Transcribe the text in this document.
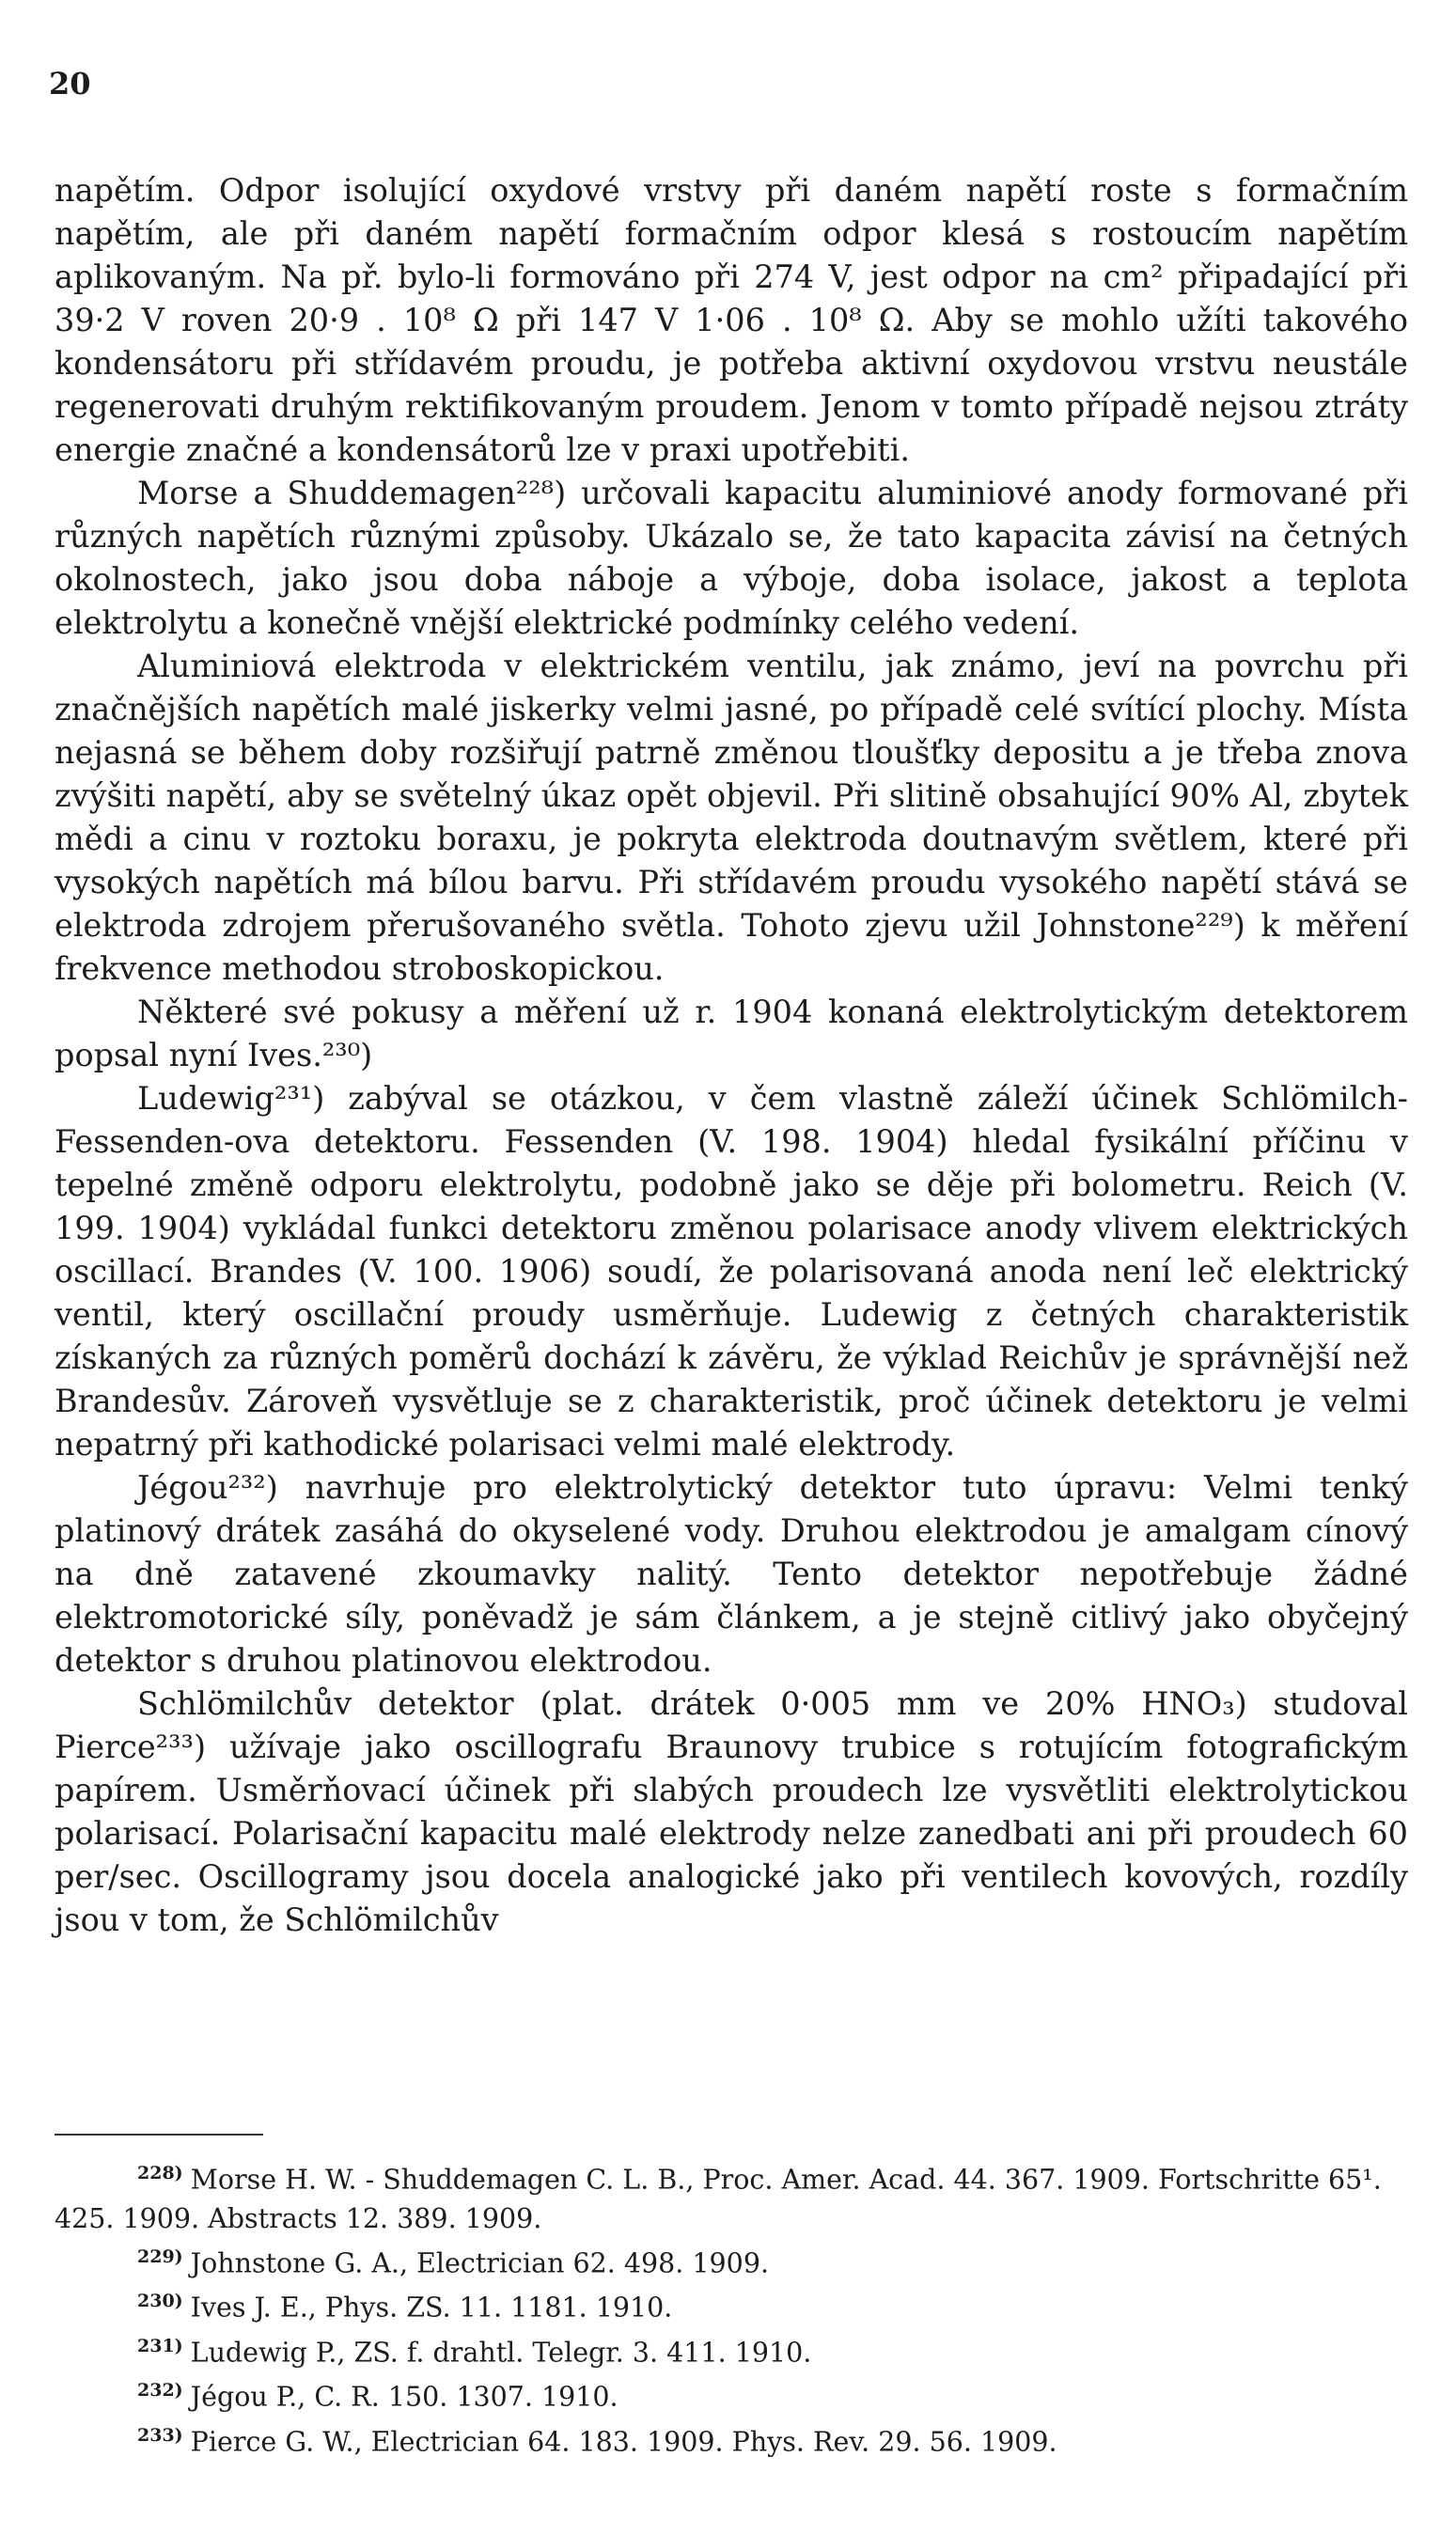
20

napětím. Odpor isolující oxydové vrstvy při daném napětí roste s formačním napětím, ale při daném napětí formačním odpor klesá s rostoucím napětím aplikovaným. Na př. bylo-li formováno při 274 V, jest odpor na cm² připadající při 39·2 V roven 20·9 . 10⁸ Ω při 147 V 1·06 . 10⁸ Ω. Aby se mohlo užíti takového kondensátoru při střídavém proudu, je potřeba aktivní oxydovou vrstvu neustále regenerovati druhým rektifikovaným proudem. Jenom v tomto případě nejsou ztráty energie značné a kondensátorů lze v praxi upotřebiti.

Morse a Shuddemagen²²⁸) určovali kapacitu aluminiové anody formované při různých napětích různými způsoby. Ukázalo se, že tato kapacita závisí na četných okolnostech, jako jsou doba náboje a výboje, doba isolace, jakost a teplota elektrolytu a konečně vnější elektrické podmínky celého vedení.

Aluminiová elektroda v elektrickém ventilu, jak známo, jeví na povrchu při značnějších napětích malé jiskerky velmi jasné, po případě celé svítící plochy. Místa nejasná se během doby rozšiřují patrně změnou tloušťky depositu a je třeba znova zvýšiti napětí, aby se světelný úkaz opět objevil. Při slitině obsahující 90% Al, zbytek mědi a cinu v roztoku boraxu, je pokryta elektroda doutnavým světlem, které při vysokých napětích má bílou barvu. Při střídavém proudu vysokého napětí stává se elektroda zdrojem přerušovaného světla. Tohoto zjevu užil Johnstone²²⁹) k měření frekvence methodou stroboskopickou.

Některé své pokusy a měření už r. 1904 konaná elektrolytickým detektorem popsal nyní Ives.²³⁰)

Ludewig²³¹) zabýval se otázkou, v čem vlastně záleží účinek Schlömilch-Fessenden-ova detektoru. Fessenden (V. 198. 1904) hledal fysikální příčinu v tepelné změně odporu elektrolytu, podobně jako se děje při bolometru. Reich (V. 199. 1904) vykládal funkci detektoru změnou polarisace anody vlivem elektrických oscillací. Brandes (V. 100. 1906) soudí, že polarisovaná anoda není leč elektrický ventil, který oscillační proudy usměrňuje. Ludewig z četných charakteristik získaných za různých poměrů dochází k závěru, že výklad Reichův je správnější než Brandesův. Zároveň vysvětluje se z charakteristik, proč účinek detektoru je velmi nepatrný při kathodické polarisaci velmi malé elektrody.

Jégou²³²) navrhuje pro elektrolytický detektor tuto úpravu: Velmi tenký platinový drátek zasáhá do okyselené vody. Druhou elektrodou je amalgam cínový na dně zatavené zkoumavky nalitý. Tento detektor nepotřebuje žádné elektromotorické síly, poněvadž je sám článkem, a je stejně citlivý jako obyčejný detektor s druhou platinovou elektrodou.

Schlömilchův detektor (plat. drátek 0·005 mm ve 20% HNO₃) studoval Pierce²³³) užívaje jako oscillografu Braunovy trubice s rotujícím fotografickým papírem. Usměrňovací účinek při slabých proudech lze vysvětliti elektrolytickou polarisací. Polarisační kapacitu malé elektrody nelze zanedbati ani při proudech 60 per/sec. Oscillogramy jsou docela analogické jako při ventilech kovových, rozdíly jsou v tom, že Schlömilchův

$^{228)}$ Morse H. W. - Shuddemagen C. L. B., Proc. Amer. Acad. 44. 367. 1909. Fortschritte 65¹. 425. 1909. Abstracts 12. 389. 1909.

$^{229)}$ Johnstone G. A., Electrician 62. 498. 1909.

$^{230)}$ Ives J. E., Phys. ZS. 11. 1181. 1910.

$^{231)}$ Ludewig P., ZS. f. drahtl. Telegr. 3. 411. 1910.

$^{232)}$ Jégou P., C. R. 150. 1307. 1910.

$^{233)}$ Pierce G. W., Electrician 64. 183. 1909. Phys. Rev. 29. 56. 1909.
